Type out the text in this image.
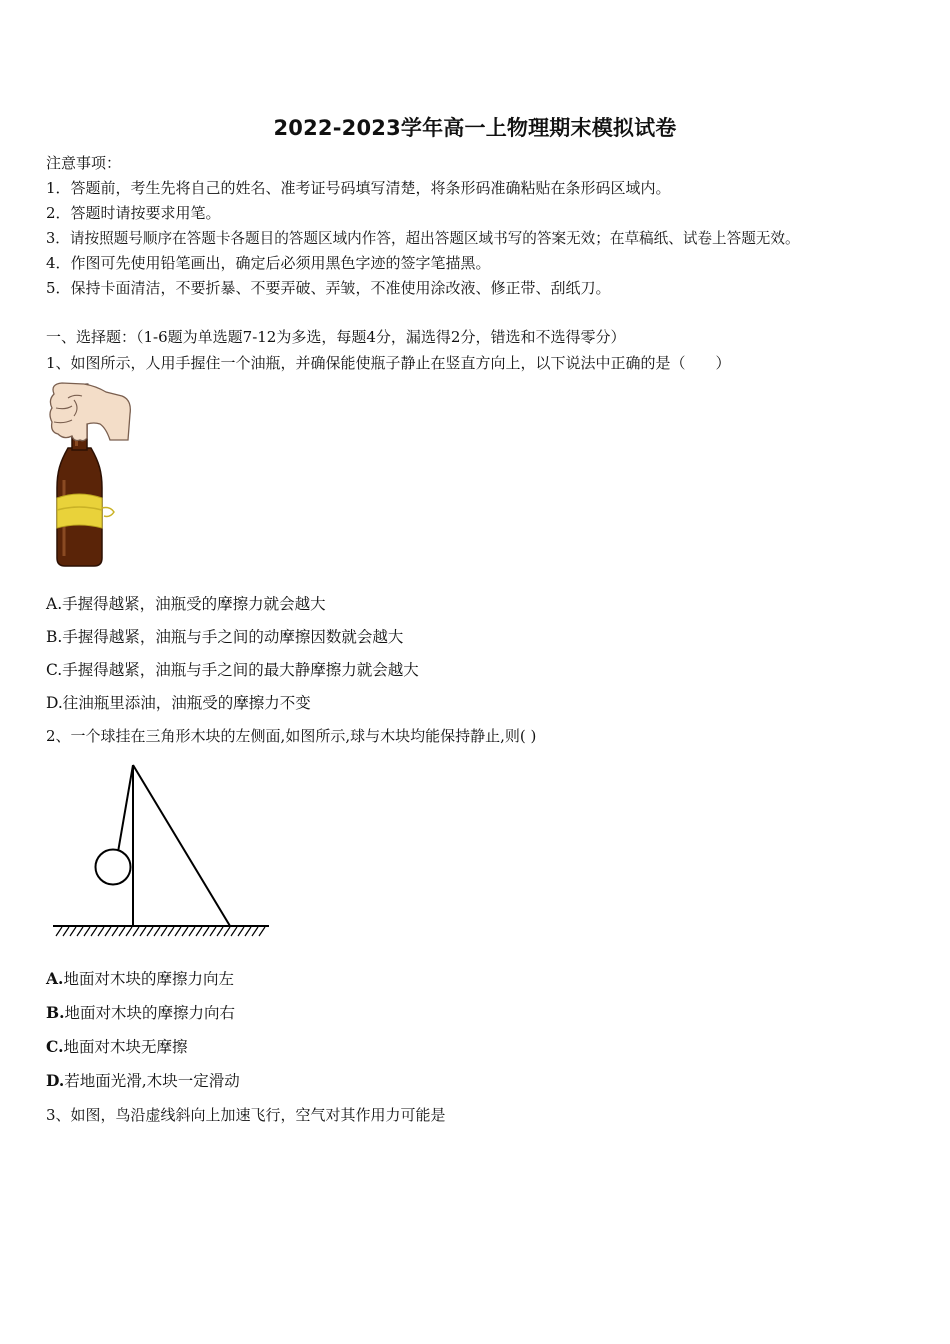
2022-2023学年高一上物理期末模拟试卷
注意事项：
1．答题前，考生先将自己的姓名、准考证号码填写清楚，将条形码准确粘贴在条形码区域内。
2．答题时请按要求用笔。
3．请按照题号顺序在答题卡各题目的答题区域内作答，超出答题区域书写的答案无效；在草稿纸、试卷上答题无效。
4．作图可先使用铅笔画出，确定后必须用黑色字迹的签字笔描黑。
5．保持卡面清洁，不要折暴、不要弄破、弄皱，不准使用涂改液、修正带、刮纸刀。
一、选择题：（1-6题为单选题7-12为多选，每题4分，漏选得2分，错选和不选得零分）
1、如图所示，人用手握住一个油瓶，并确保能使瓶子静止在竖直方向上，以下说法中正确的是（　　）
A.手握得越紧，油瓶受的摩擦力就会越大
B.手握得越紧，油瓶与手之间的动摩擦因数就会越大
C.手握得越紧，油瓶与手之间的最大静摩擦力就会越大
D.往油瓶里添油，油瓶受的摩擦力不变
2、一个球挂在三角形木块的左侧面,如图所示,球与木块均能保持静止,则( )
A.地面对木块的摩擦力向左
B.地面对木块的摩擦力向右
C.地面对木块无摩擦
D.若地面光滑,木块一定滑动
3、如图，鸟沿虚线斜向上加速飞行，空气对其作用力可能是
